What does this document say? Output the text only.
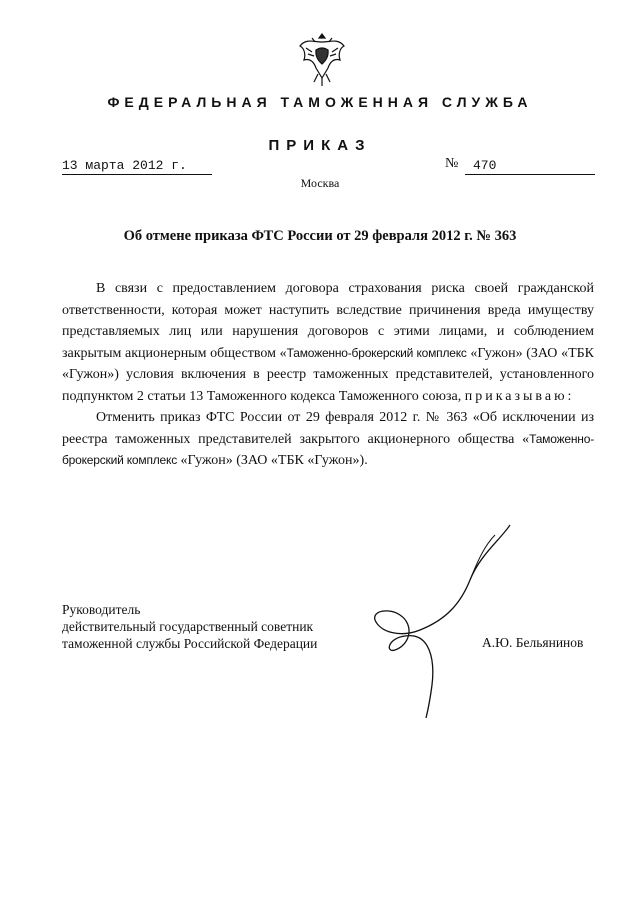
ФЕДЕРАЛЬНАЯ ТАМОЖЕННАЯ СЛУЖБА
ПРИКАЗ
13 марта 2012 г.	№	470
Москва
Об отмене приказа ФТС России от 29 февраля 2012 г. № 363

В связи с предоставлением договора страхования риска своей гражданской ответственности, которая может наступить вследствие причинения вреда имуществу представляемых лиц или нарушения договоров с этими лицами, и соблюдением закрытым акционерным обществом «Таможенно-брокерский комплекс «Гужон» (ЗАО «ТБК «Гужон») условия включения в реестр таможенных представителей, установленного подпунктом 2 статьи 13 Таможенного кодекса Таможенного союза, приказываю:

Отменить приказ ФТС России от 29 февраля 2012 г. № 363 «Об исключении из реестра таможенных представителей закрытого акционерного общества «Таможенно-брокерский комплекс «Гужон» (ЗАО «ТБК «Гужон»).

Руководитель
действительный государственный советник
таможенной службы Российской Федерации	А.Ю. Бельянинов
